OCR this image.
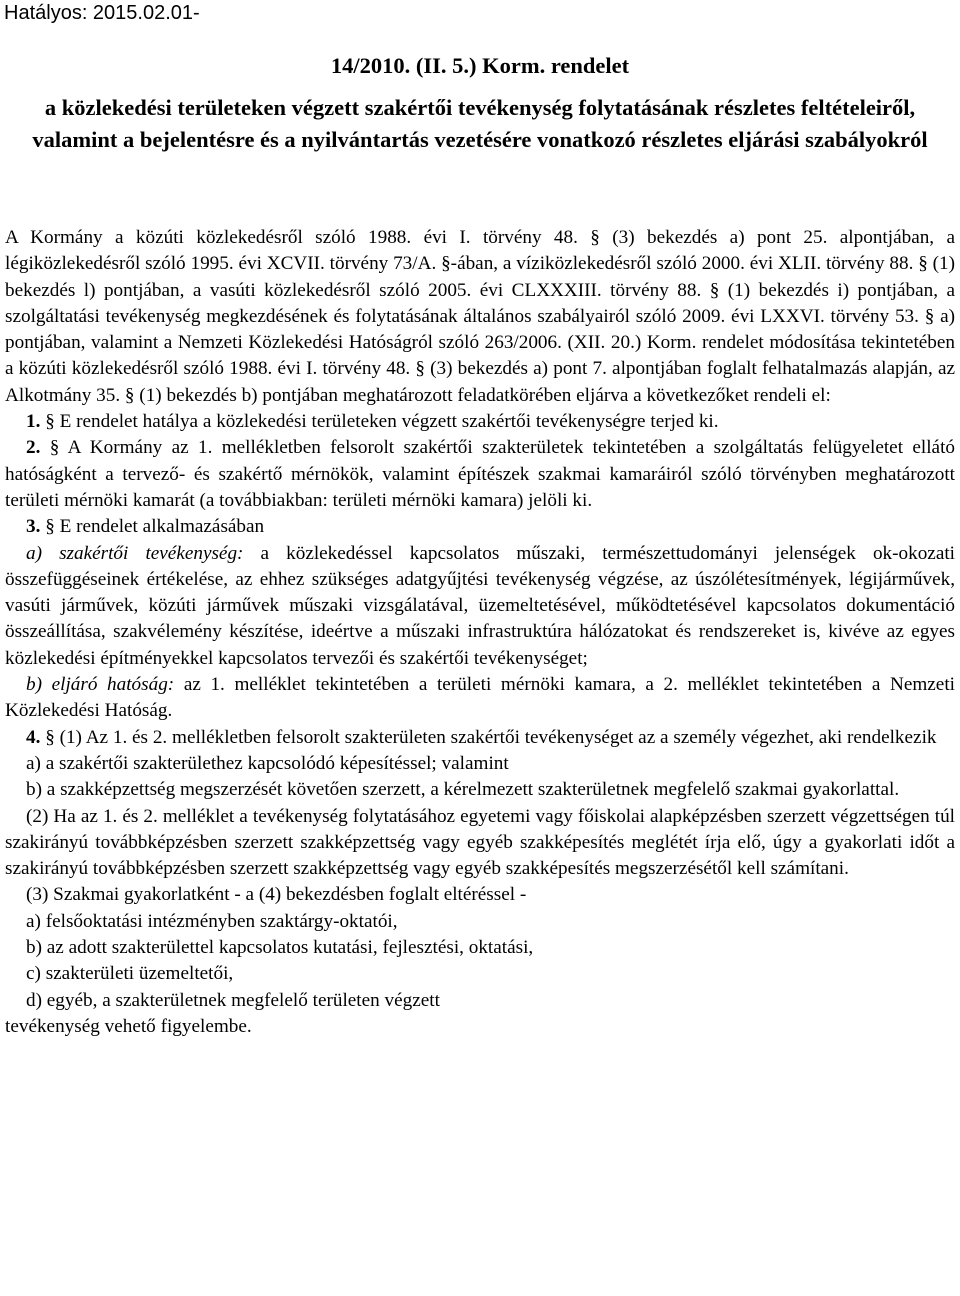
Hatályos: 2015.02.01-
14/2010. (II. 5.) Korm. rendelet
a közlekedési területeken végzett szakértői tevékenység folytatásának részletes feltételeiről, valamint a bejelentésre és a nyilvántartás vezetésére vonatkozó részletes eljárási szabályokról

A Kormány a közúti közlekedésről szóló 1988. évi I. törvény 48. § (3) bekezdés a) pont 25. alpontjában, a légiközlekedésről szóló 1995. évi XCVII. törvény 73/A. §-ában, a víziközlekedésről szóló 2000. évi XLII. törvény 88. § (1) bekezdés l) pontjában, a vasúti közlekedésről szóló 2005. évi CLXXXIII. törvény 88. § (1) bekezdés i) pontjában, a szolgáltatási tevékenység megkezdésének és folytatásának általános szabályairól szóló 2009. évi LXXVI. törvény 53. § a) pontjában, valamint a Nemzeti Közlekedési Hatóságról szóló 263/2006. (XII. 20.) Korm. rendelet módosítása tekintetében a közúti közlekedésről szóló 1988. évi I. törvény 48. § (3) bekezdés a) pont 7. alpontjában foglalt felhatalmazás alapján, az Alkotmány 35. § (1) bekezdés b) pontjában meghatározott feladatkörében eljárva a következőket rendeli el:

1. § E rendelet hatálya a közlekedési területeken végzett szakértői tevékenységre terjed ki.

2. § A Kormány az 1. mellékletben felsorolt szakértői szakterületek tekintetében a szolgáltatás felügyeletet ellátó hatóságként a tervező- és szakértő mérnökök, valamint építészek szakmai kamaráiról szóló törvényben meghatározott területi mérnöki kamarát (a továbbiakban: területi mérnöki kamara) jelöli ki.

3. § E rendelet alkalmazásában

a) szakértői tevékenység: a közlekedéssel kapcsolatos műszaki, természettudományi jelenségek ok-okozati összefüggéseinek értékelése, az ehhez szükséges adatgyűjtési tevékenység végzése, az úszólétesítmények, légijárművek, vasúti járművek, közúti járművek műszaki vizsgálatával, üzemeltetésével, működtetésével kapcsolatos dokumentáció összeállítása, szakvélemény készítése, ideértve a műszaki infrastruktúra hálózatokat és rendszereket is, kivéve az egyes közlekedési építményekkel kapcsolatos tervezői és szakértői tevékenységet;

b) eljáró hatóság: az 1. melléklet tekintetében a területi mérnöki kamara, a 2. melléklet tekintetében a Nemzeti Közlekedési Hatóság.

4. § (1) Az 1. és 2. mellékletben felsorolt szakterületen szakértői tevékenységet az a személy végezhet, aki rendelkezik

a) a szakértői szakterülethez kapcsolódó képesítéssel; valamint

b) a szakképzettség megszerzését követően szerzett, a kérelmezett szakterületnek megfelelő szakmai gyakorlattal.

(2) Ha az 1. és 2. melléklet a tevékenység folytatásához egyetemi vagy főiskolai alapképzésben szerzett végzettségen túl szakirányú továbbképzésben szerzett szakképzettség vagy egyéb szakképesítés meglétét írja elő, úgy a gyakorlati időt a szakirányú továbbképzésben szerzett szakképzettség vagy egyéb szakképesítés megszerzésétől kell számítani.

(3) Szakmai gyakorlatként - a (4) bekezdésben foglalt eltéréssel -

a) felsőoktatási intézményben szaktárgy-oktatói,

b) az adott szakterülettel kapcsolatos kutatási, fejlesztési, oktatási,

c) szakterületi üzemeltetői,

d) egyéb, a szakterületnek megfelelő területen végzett

tevékenység vehető figyelembe.
